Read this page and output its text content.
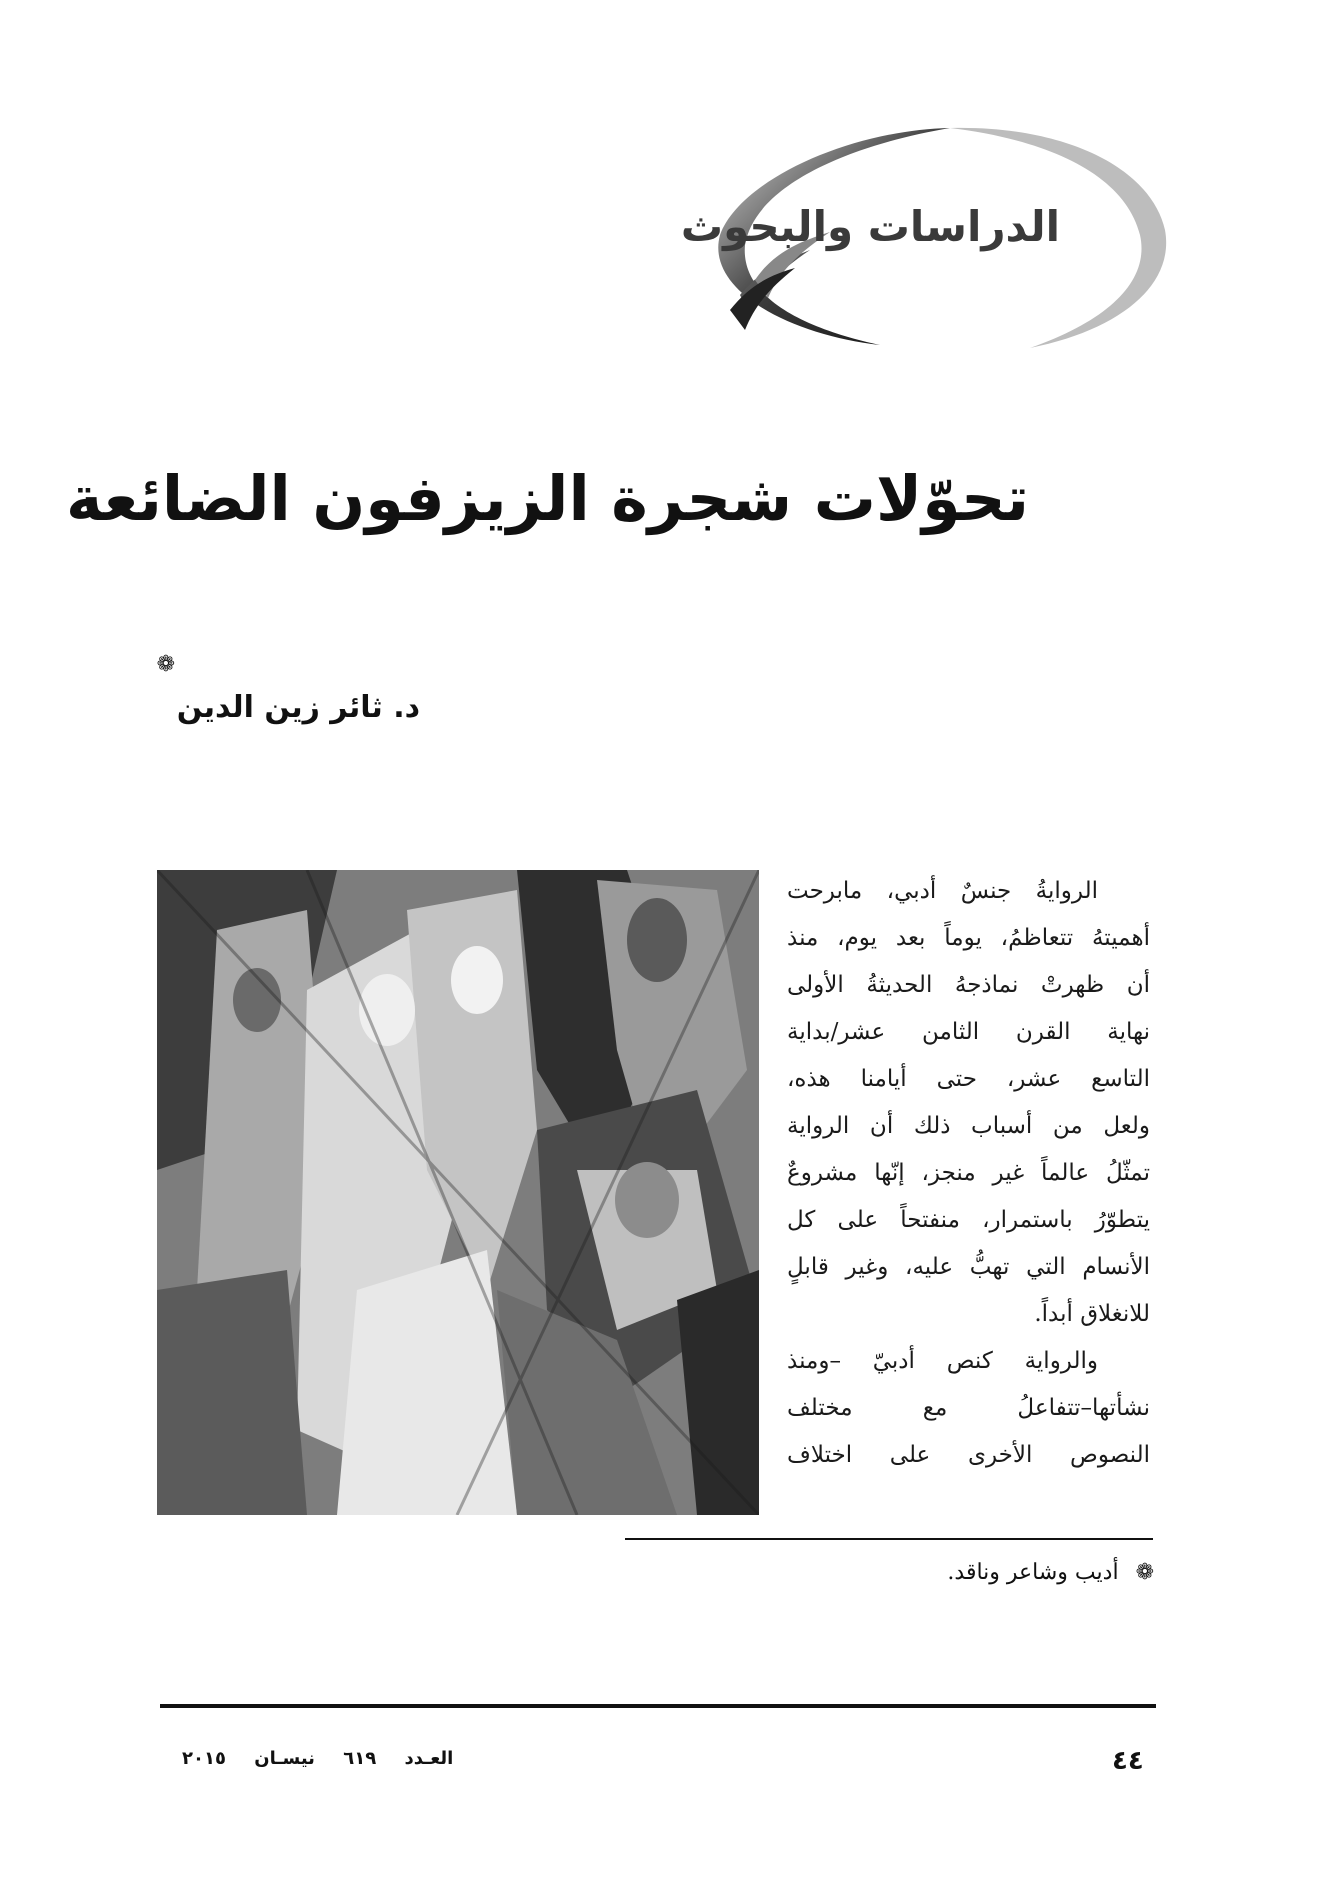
الدراسات والبحوث
تحوّلات شجرة الزيزفون الضائعة
❁
د. ثائر زين الدين
الروايةُ جنسٌ أدبي، مابرحت
أهميتهُ تتعاظمُ، يوماً بعد يوم، منذ
أن ظهرتْ نماذجهُ الحديثةُ الأولى
نهاية القرن الثامن عشر/بداية
التاسع عشر، حتى أيامنا هذه،
ولعل من أسباب ذلك أن الرواية
تمثّلُ عالماً غير منجز، إنّها مشروعٌ
يتطوّرُ باستمرار، منفتحاً على كل
الأنسام التي تهبُّ عليه، وغير قابلٍ
للانغلاق أبداً.
والرواية كنص أدبيّ –ومنذ
نشأتها–تتفاعلُ مع مختلف
النصوص الأخرى على اختلاف
❁ أديب وشاعر وناقد.
٤٤
العـدد ٦١٩ نيسـان ٢٠١٥
